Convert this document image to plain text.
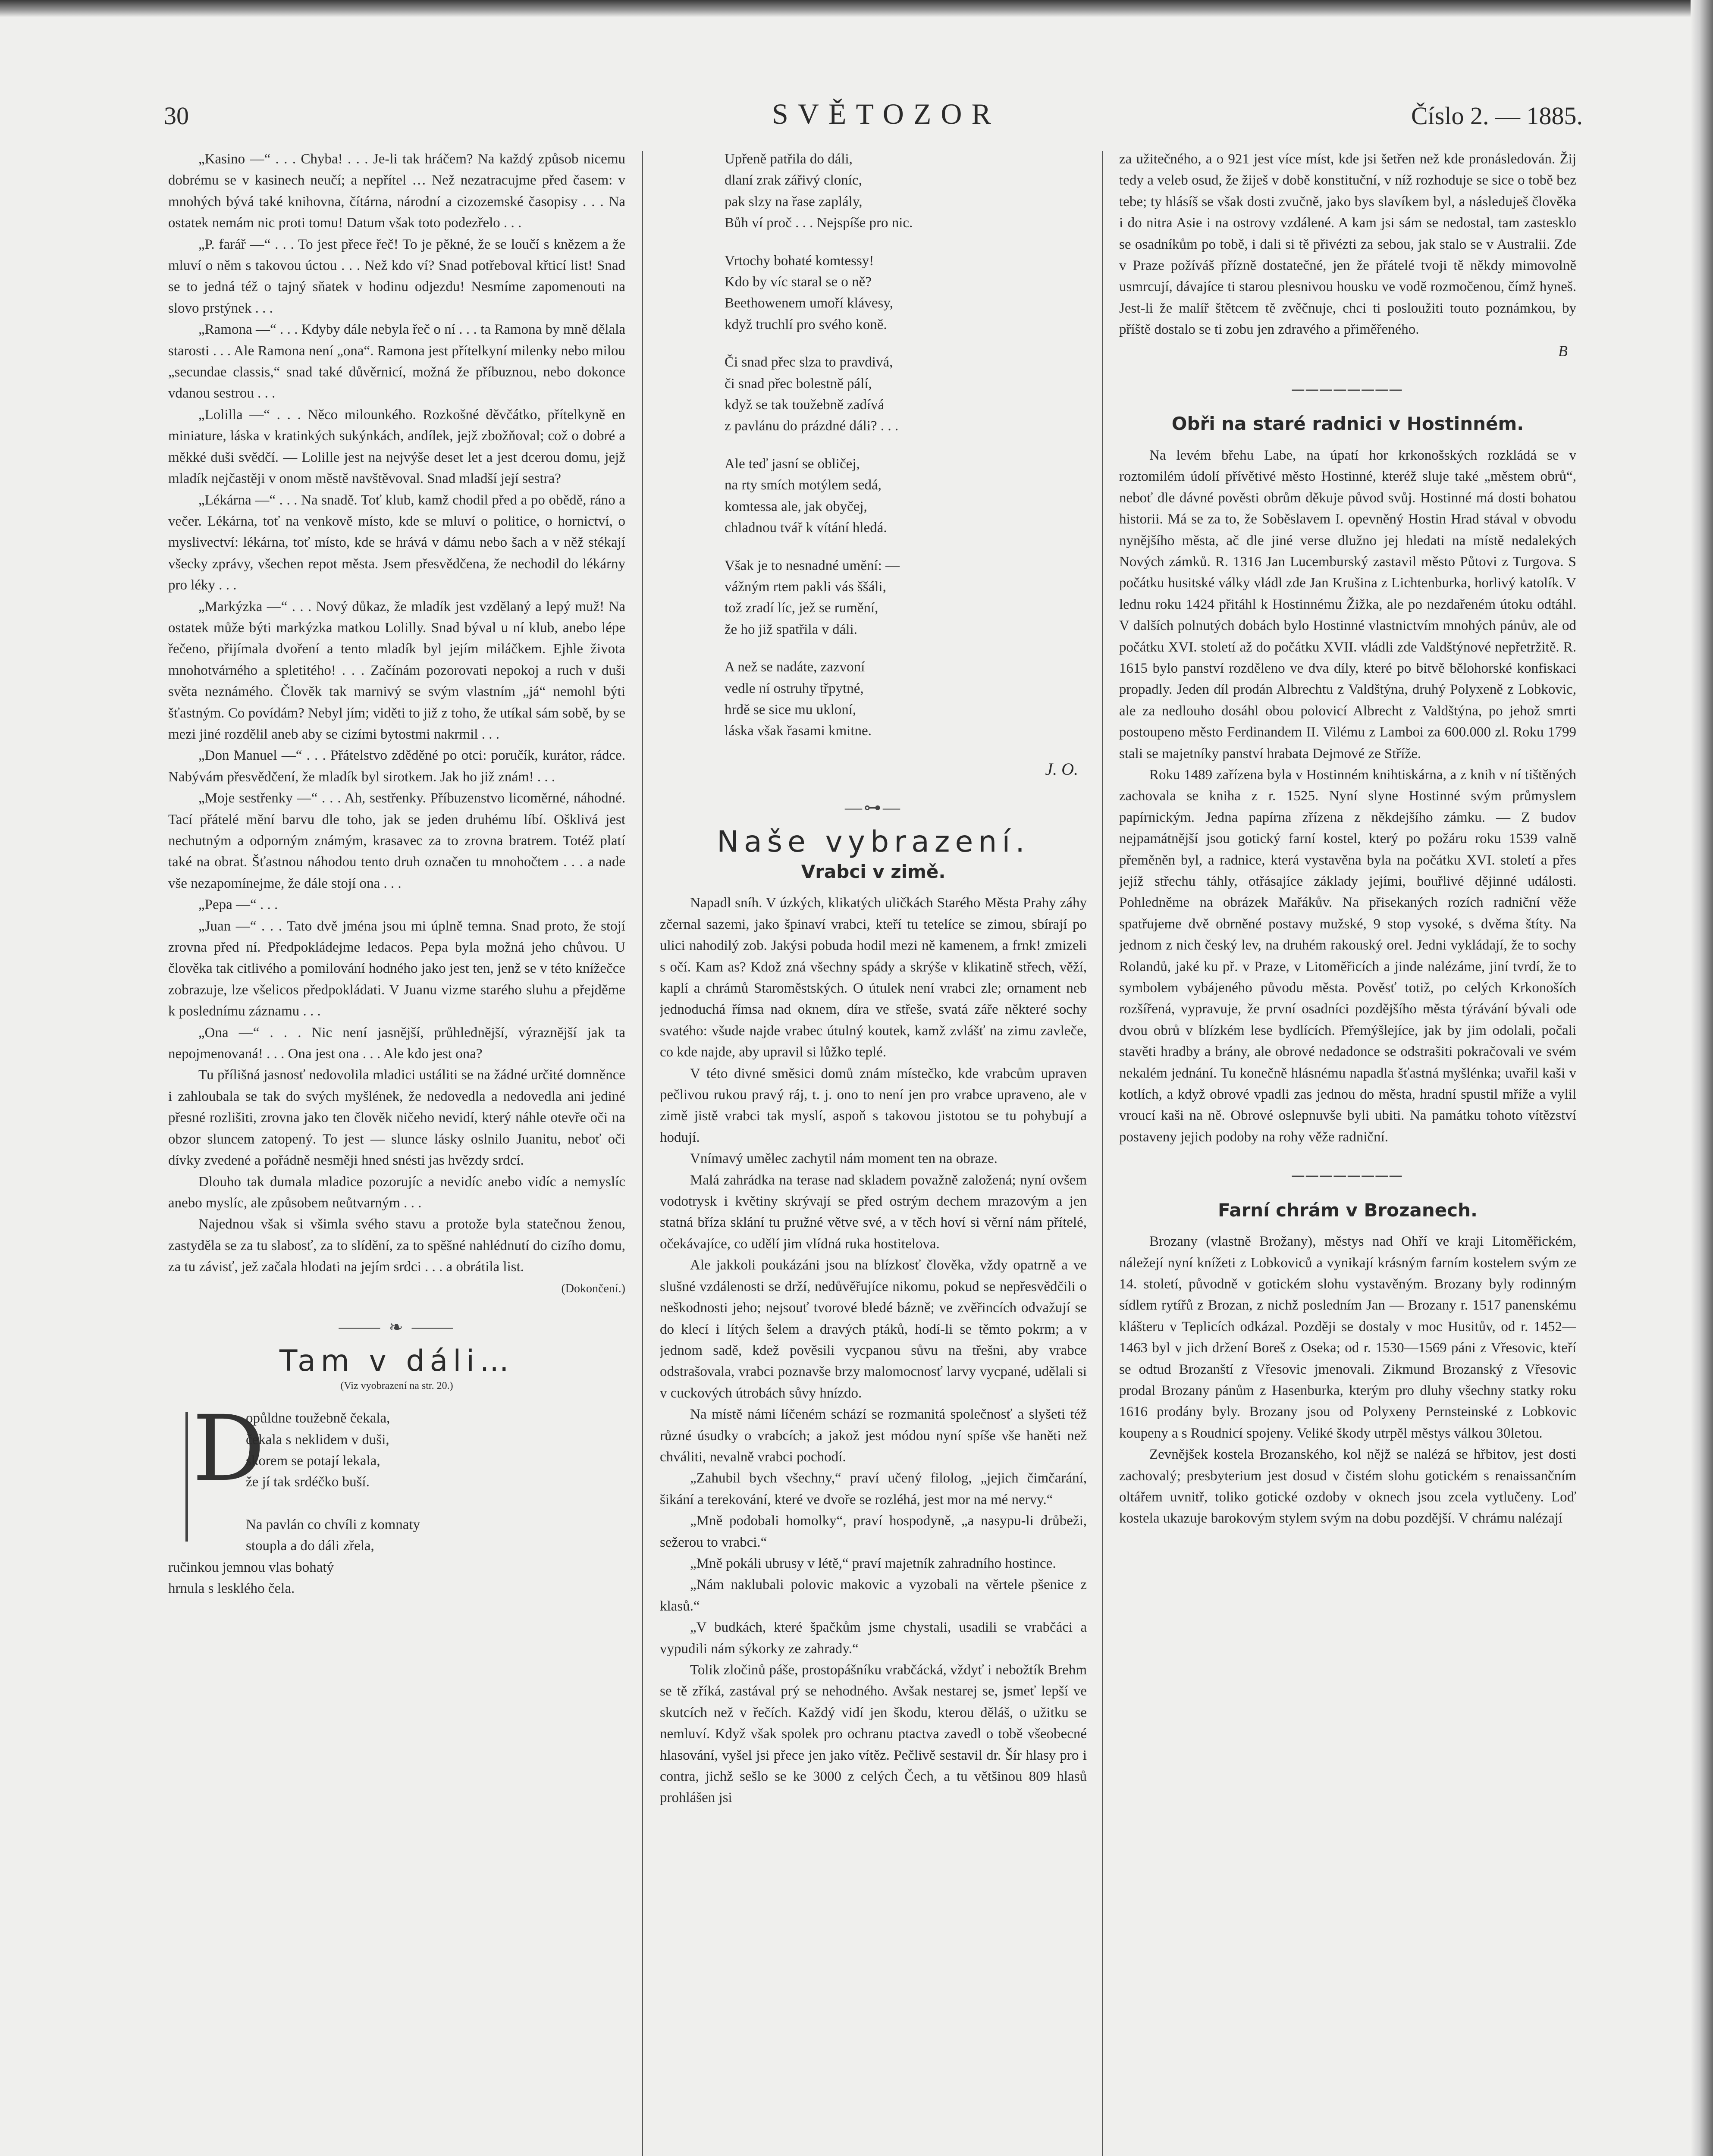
30	SVĚTOZOR	Číslo 2. — 1885.

„Kasino —“ . . . Chyba! . . . Je-li tak hráčem? Na každý způsob nicemu dobrému se v kasinech neučí; a nepřítel … Než nezatracujme před časem: v mnohých bývá také knihovna, čítárna, národní a cizozemské časopisy . . . Na ostatek nemám nic proti tomu! Datum však toto podezřelo . . .

„P. farář —“ . . . To jest přece řeč! To je pěkné, že se loučí s knězem a že mluví o něm s takovou úctou . . . Než kdo ví? Snad potřeboval křticí list! Snad se to jedná též o tajný sňatek v hodinu odjezdu! Nesmíme zapomenouti na slovo prstýnek . . .

„Ramona —“ . . . Kdyby dále nebyla řeč o ní . . . ta Ramona by mně dělala starosti . . . Ale Ramona není „ona“. Ramona jest přítelkyní milenky nebo milou „secundae classis,“ snad také důvěrnicí, možná že příbuznou, nebo dokonce vdanou sestrou . . .

„Lolilla —“ . . . Něco milounkého. Rozkošné děvčátko, přítelkyně en miniature, láska v kratinkých sukýnkách, andílek, jejž zbožňoval; což o dobré a měkké duši svědčí. — Lolille jest na nejvýše deset let a jest dcerou domu, jejž mladík nejčastěji v onom městě navštěvoval. Snad mladší její sestra?

„Lékárna —“ . . . Na snadě. Toť klub, kamž chodil před a po obědě, ráno a večer. Lékárna, toť na venkově místo, kde se mluví o politice, o hornictví, o myslivectví: lékárna, toť místo, kde se hrává v dámu nebo šach a v něž stékají všecky zprávy, všechen repot města. Jsem přesvědčena, že nechodil do lékárny pro léky . . .

„Markýzka —“ . . . Nový důkaz, že mladík jest vzdělaný a lepý muž! Na ostatek může býti markýzka matkou Lolilly. Snad býval u ní klub, anebo lépe řečeno, přijímala dvoření a tento mladík byl jejím miláčkem. Ejhle života mnohotvárného a spletitého! . . . Začínám pozorovati nepokoj a ruch v duši světa neznámého. Člověk tak marnivý se svým vlastním „já“ nemohl býti šťastným. Co povídám? Nebyl jím; viděti to již z toho, že utíkal sám sobě, by se mezi jiné rozdělil aneb aby se cizími bytostmi nakrmil . . .

„Don Manuel —“ . . . Přátelstvo zděděné po otci: poručík, kurátor, rádce. Nabývám přesvědčení, že mladík byl sirotkem. Jak ho již znám! . . .

„Moje sestřenky —“ . . . Ah, sestřenky. Příbuzenstvo licoměrné, náhodné. Tací přátelé mění barvu dle toho, jak se jeden druhému líbí. Ošklivá jest nechutným a odporným známým, krasavec za to zrovna bratrem. Totéž platí také na obrat. Šťastnou náhodou tento druh označen tu mnohočtem . . . a nade vše nezapomínejme, že dále stojí ona . . .

„Pepa —“ . . .

„Juan —“ . . . Tato dvě jména jsou mi úplně temna. Snad proto, že stojí zrovna před ní. Předpokládejme ledacos. Pepa byla možná jeho chůvou. U člověka tak citlivého a pomilování hodného jako jest ten, jenž se v této knížečce zobrazuje, lze všelicos předpokládati. V Juanu vizme starého sluhu a přejděme k poslednímu záznamu . . .

„Ona —“ . . . Nic není jasnější, průhlednější, výraznější jak ta nepojmenovaná! . . . Ona jest ona . . . Ale kdo jest ona?

Tu přílišná jasnosť nedovolila mladici ustáliti se na žádné určité domněnce i zahloubala se tak do svých myšlének, že nedovedla a nedovedla ani jediné přesné rozlišiti, zrovna jako ten člověk ničeho nevidí, který náhle otevře oči na obzor sluncem zatopený. To jest — slunce lásky oslnilo Juanitu, neboť oči dívky zvedené a pořádně nesměji hned snésti jas hvězdy srdcí.

Dlouho tak dumala mladice pozorujíc a nevidíc anebo vidíc a nemyslíc anebo myslíc, ale způsobem neůtvarným . . .

Najednou však si všimla svého stavu a protože byla statečnou ženou, zastyděla se za tu slabosť, za to slídění, za to spěšné nahlédnutí do cizího domu, za tu závisť, jež začala hlodati na jejím srdci . . . a obrátila list.

(Dokončení.)
⸻ ❧ ⸻
Tam v dáli…
(Viz vyobrazení na str. 20.)
D

opůldne toužebně čekala,

čekala s neklidem v duši,

skorem se potají lekala,

že jí tak srdéčko buší.

Na pavlán co chvíli z komnaty

stoupla a do dáli zřela,

ručinkou jemnou vlas bohatý

hrnula s lesklého čela.

Upřeně patřila do dáli,

dlaní zrak zářivý cloníc,

pak slzy na řase zaplály,

Bůh ví proč . . . Nejspíše pro nic.

Vrtochy bohaté komtessy!

Kdo by víc staral se o ně?

Beethowenem umoří klávesy,

když truchlí pro svého koně.

Či snad přec slza to pravdivá,

či snad přec bolestně pálí,

když se tak toužebně zadívá

z pavlánu do prázdné dáli? . . .

Ale teď jasní se obličej,

na rty smích motýlem sedá,

komtessa ale, jak obyčej,

chladnou tvář k vítání hledá.

Však je to nesnadné umění: —

vážným rtem pakli vás ššáli,

tož zradí líc, jež se rumění,

že ho již spatřila v dáli.

A než se nadáte, zazvoní

vedle ní ostruhy třpytné,

hrdě se sice mu ukloní,

láska však řasami kmitne.

J. O.
—⊶—
Naše vybrazení.
Vrabci v zimě.

Napadl sníh. V úzkých, klikatých uličkách Starého Města Prahy záhy zčernal sazemi, jako špinaví vrabci, kteří tu tetelíce se zimou, sbírají po ulici nahodilý zob. Jakýsi pobuda hodil mezi ně kamenem, a frnk! zmizeli s očí. Kam as? Kdož zná všechny spády a skrýše v klikatině střech, věží, kaplí a chrámů Staroměstských. O útulek není vrabci zle; ornament neb jednoduchá římsa nad oknem, díra ve střeše, svatá záře některé sochy svatého: všude najde vrabec útulný koutek, kamž zvlášť na zimu zavleče, co kde najde, aby upravil si lůžko teplé.

V této divné směsici domů znám místečko, kde vrabcům upraven pečlivou rukou pravý ráj, t. j. ono to není jen pro vrabce upraveno, ale v zimě jistě vrabci tak myslí, aspoň s takovou jistotou se tu pohybují a hodují.

Vnímavý umělec zachytil nám moment ten na obraze.

Malá zahrádka na terase nad skladem považně založená; nyní ovšem vodotrysk i květiny skrývají se před ostrým dechem mrazovým a jen statná bříza sklání tu pružné větve své, a v těch hoví si věrní nám přítelé, očekávajíce, co udělí jim vlídná ruka hostitelova.

Ale jakkoli poukázáni jsou na blízkosť člověka, vždy opatrně a ve slušné vzdálenosti se drží, nedůvěřujíce nikomu, pokud se nepřesvědčili o neškodnosti jeho; nejsouť tvorové bledé bázně; ve zvěřincích odvažují se do klecí i lítých šelem a dravých ptáků, hodí-li se těmto pokrm; a v jednom sadě, kdež pověsili vycpanou sůvu na třešni, aby vrabce odstrašovala, vrabci poznavše brzy malomocnosť larvy vycpané, udělali si v cuckových útrobách sůvy hnízdo.

Na místě námi líčeném schází se rozmanitá společnosť a slyšeti též různé úsudky o vrabcích; a jakož jest módou nyní spíše vše haněti než chváliti, nevalně vrabci pochodí.

„Zahubil bych všechny,“ praví učený filolog, „jejich čimčarání, šikání a terekování, které ve dvoře se rozléhá, jest mor na mé nervy.“

„Mně podobali homolky“, praví hospodyně, „a nasypu-li drůbeži, sežerou to vrabci.“

„Mně pokáli ubrusy v létě,“ praví majetník zahradního hostince.

„Nám naklubali polovic makovic a vyzobali na věrtele pšenice z klasů.“

„V budkách, které špačkům jsme chystali, usadili se vrabčáci a vypudili nám sýkorky ze zahrady.“

Tolik zločinů páše, prostopášníku vrabčácká, vždyť i nebožtík Brehm se tě zříká, zastával prý se nehodného. Avšak nestarej se, jsmeť lepší ve skutcích než v řečích. Každý vidí jen škodu, kterou děláš, o užitku se nemluví. Když však spolek pro ochranu ptactva zavedl o tobě všeobecné hlasování, vyšel jsi přece jen jako vítěz. Pečlivě sestavil dr. Šír hlasy pro i contra, jichž sešlo se ke 3000 z celých Čech, a tu většinou 809 hlasů prohlášen jsi

za užitečného, a o 921 jest více míst, kde jsi šetřen než kde pronásledován. Žij tedy a veleb osud, že žiješ v době konstituční, v níž rozhoduje se sice o tobě bez tebe; ty hlásíš se však dosti zvučně, jako bys slavíkem byl, a následuješ člověka i do nitra Asie i na ostrovy vzdálené. A kam jsi sám se nedostal, tam zastesklo se osadníkům po tobě, i dali si tě přivézti za sebou, jak stalo se v Australii. Zde v Praze požíváš přízně dostatečné, jen že přátelé tvoji tě někdy mimovolně usmrcují, dávajíce ti starou plesnivou housku ve vodě rozmočenou, čímž hyneš. Jest-li že malíř štětcem tě zvěčnuje, chci ti posloužiti touto poznámkou, by příště dostalo se ti zobu jen zdravého a přiměřeného.

B
────────
Obři na staré radnici v Hostinném.

Na levém břehu Labe, na úpatí hor krkonošských rozkládá se v roztomilém údolí přívětivé město Hostinné, kteréž sluje také „městem obrů“, neboť dle dávné pověsti obrům děkuje původ svůj. Hostinné má dosti bohatou historii. Má se za to, že Soběslavem I. opevněný Hostin Hrad stával v obvodu nynějšího města, ač dle jiné verse dlužno jej hledati na místě nedalekých Nových zámků. R. 1316 Jan Lucemburský zastavil město Půtovi z Turgova. S počátku husitské války vládl zde Jan Krušina z Lichtenburka, horlivý katolík. V lednu roku 1424 přitáhl k Hostinnému Žižka, ale po nezdařeném útoku odtáhl. V dalších polnutých dobách bylo Hostinné vlastnictvím mnohých pánův, ale od počátku XVI. století až do počátku XVII. vládli zde Valdštýnové nepřetržitě. R. 1615 bylo panství rozděleno ve dva díly, které po bitvě bělohorské konfiskaci propadly. Jeden díl prodán Albrechtu z Valdštýna, druhý Polyxeně z Lobkovic, ale za nedlouho dosáhl obou polovicí Albrecht z Valdštýna, po jehož smrti postoupeno město Ferdinandem II. Vilému z Lamboi za 600.000 zl. Roku 1799 stali se majetníky panství hrabata Dejmové ze Stříže.

Roku 1489 zařízena byla v Hostinném knihtiskárna, a z knih v ní tištěných zachovala se kniha z r. 1525. Nyní slyne Hostinné svým průmyslem papírnickým. Jedna papírna zřízena z někdejšího zámku. — Z budov nejpamátnější jsou gotický farní kostel, který po požáru roku 1539 valně přeměněn byl, a radnice, která vystavěna byla na počátku XVI. století a přes jejíž střechu táhly, otřásajíce základy jejími, bouřlivé dějinné události. Pohledněme na obrázek Mařákův. Na přisekaných rozích radniční věže spatřujeme dvě obrněné postavy mužské, 9 stop vysoké, s dvěma štíty. Na jednom z nich český lev, na druhém rakouský orel. Jedni vykládají, že to sochy Rolandů, jaké ku př. v Praze, v Litoměřicích a jinde nalézáme, jiní tvrdí, že to symbolem vybájeného původu města. Pověsť totiž, po celých Krkonoších rozšířená, vypravuje, že první osadníci pozdějšího města týrávání bývali ode dvou obrů v blízkém lese bydlících. Přemýšlejíce, jak by jim odolali, počali stavěti hradby a brány, ale obrové nedadonce se odstrašiti pokračovali ve svém nekalém jednání. Tu konečně hlásnému napadla šťastná myšlénka; uvařil kaši v kotlích, a když obrové vpadli zas jednou do města, hradní spustil mříže a vylil vroucí kaši na ně. Obrové oslepnuvše byli ubiti. Na památku tohoto vítězství postaveny jejich podoby na rohy věže radniční.

────────
Farní chrám v Brozanech.

Brozany (vlastně Brožany), městys nad Ohří ve kraji Litoměřickém, náležejí nyní knížeti z Lobkoviců a vynikají krásným farním kostelem svým ze 14. století, původně v gotickém slohu vystavěným. Brozany byly rodinným sídlem rytířů z Brozan, z nichž posledním Jan — Brozany r. 1517 panenskému klášteru v Teplicích odkázal. Později se dostaly v moc Husitův, od r. 1452—1463 byl v jich držení Boreš z Oseka; od r. 1530—1569 páni z Vřesovic, kteří se odtud Brozanští z Vřesovic jmenovali. Zikmund Brozanský z Vřesovic prodal Brozany pánům z Hasenburka, kterým pro dluhy všechny statky roku 1616 prodány byly. Brozany jsou od Polyxeny Pernsteinské z Lobkovic koupeny a s Roudnicí spojeny. Veliké škody utrpěl městys válkou 30letou.

Zevnějšek kostela Brozanského, kol nějž se nalézá se hřbitov, jest dosti zachovalý; presbyterium jest dosud v čistém slohu gotickém s renaissančním oltářem uvnitř, toliko gotické ozdoby v oknech jsou zcela vytlučeny. Loď kostela ukazuje barokovým stylem svým na dobu pozdější. V chrámu nalézají
